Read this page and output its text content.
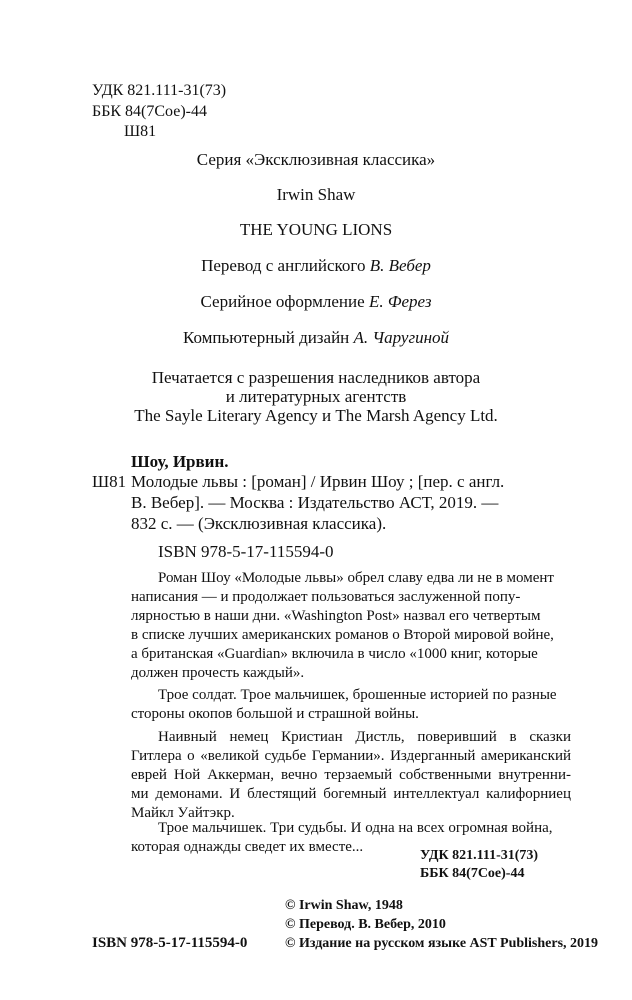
УДК 821.111-31(73)
ББК 84(7Сое)-44
Ш81
Серия «Эксклюзивная классика»
Irwin Shaw
THE YOUNG LIONS
Перевод с английского В. Вебер
Серийное оформление Е. Ферез
Компьютерный дизайн А. Чаругиной
Печатается с разрешения наследников автора
и литературных агентств
The Sayle Literary Agency и The Marsh Agency Ltd.
Шоу, Ирвин.
Ш81 Молодые львы : [роман] / Ирвин Шоу ; [пер. с англ.
В. Вебер]. — Москва : Издательство АСТ, 2019. —
832 с. — (Эксклюзивная классика).
ISBN 978-5-17-115594-0
Роман Шоу «Молодые львы» обрел славу едва ли не в момент
написания — и продолжает пользоваться заслуженной попу-
лярностью в наши дни. «Washington Post» назвал его четвертым
в списке лучших американских романов о Второй мировой войне,
а британская «Guardian» включила в число «1000 книг, которые
должен прочесть каждый».
Трое солдат. Трое мальчишек, брошенные историей по разные
стороны окопов большой и страшной войны.
Наивный немец Кристиан Дистль, поверивший в сказки Гитлера о «великой судьбе Германии». Издерганный американский еврей Ной Аккерман, вечно терзаемый собственными внутренни- ми демонами. И блестящий богемный интеллектуал калифорниец Майкл Уайтэкр.
Трое мальчишек. Три судьбы. И одна на всех огромная война,
которая однажды сведет их вместе...
УДК 821.111-31(73)
ББК 84(7Сое)-44
ISBN 978-5-17-115594-0
© Irwin Shaw, 1948
© Перевод. В. Вебер, 2010
© Издание на русском языке AST Publishers, 2019
